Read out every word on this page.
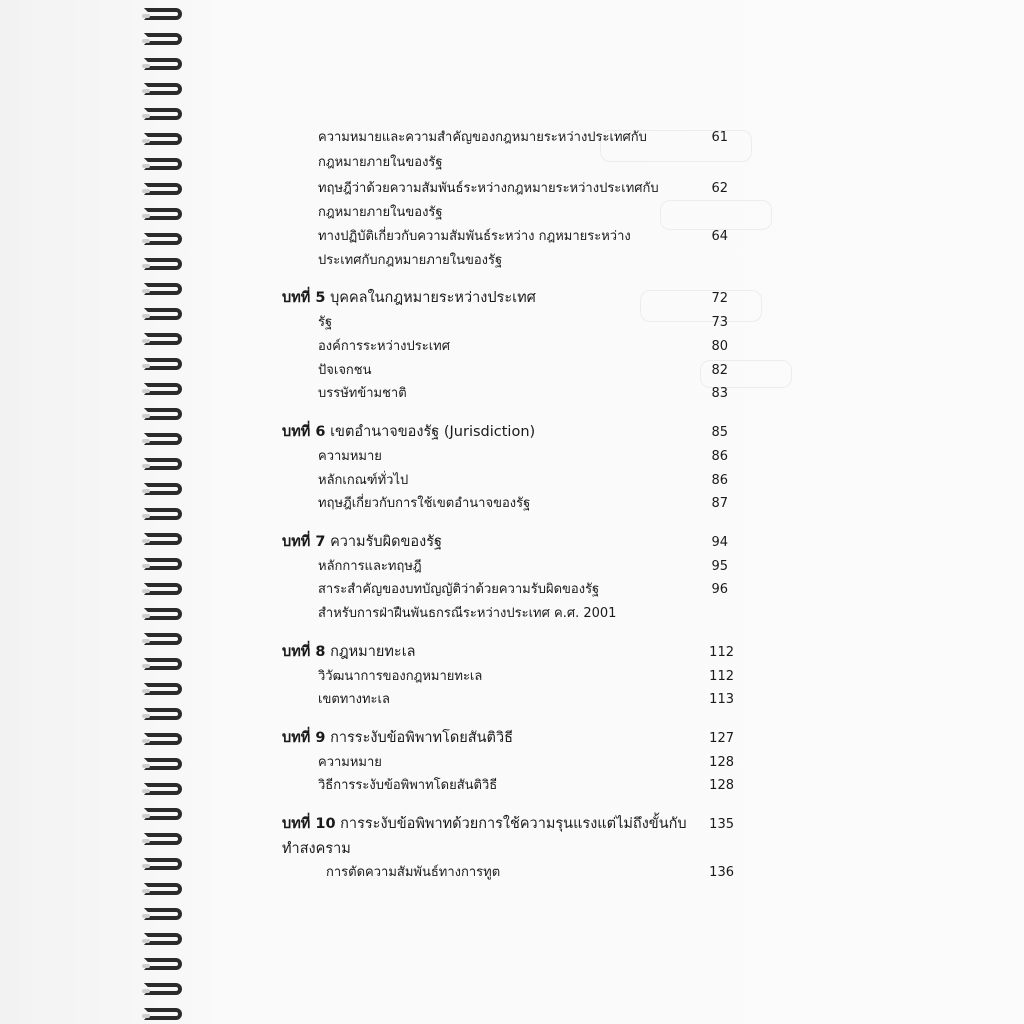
ความหมายและความสำคัญของกฎหมายระหว่างประเทศกับ	61
กฎหมายภายในของรัฐ
ทฤษฎีว่าด้วยความสัมพันธ์ระหว่างกฎหมายระหว่างประเทศกับ	62
กฎหมายภายในของรัฐ
ทางปฏิบัติเกี่ยวกับความสัมพันธ์ระหว่าง กฎหมายระหว่าง	64
ประเทศกับกฎหมายภายในของรัฐ
บทที่ 5 บุคคลในกฎหมายระหว่างประเทศ	72
รัฐ	73
องค์การระหว่างประเทศ	80
ปัจเจกชน	82
บรรษัทข้ามชาติ	83
บทที่ 6 เขตอำนาจของรัฐ (Jurisdiction)	85
ความหมาย	86
หลักเกณฑ์ทั่วไป	86
ทฤษฎีเกี่ยวกับการใช้เขตอำนาจของรัฐ	87
บทที่ 7 ความรับผิดของรัฐ	94
หลักการและทฤษฎี	95
สาระสำคัญของบทบัญญัติว่าด้วยความรับผิดของรัฐ	96
สำหรับการฝ่าฝืนพันธกรณีระหว่างประเทศ ค.ศ. 2001
บทที่ 8 กฎหมายทะเล	112
วิวัฒนาการของกฎหมายทะเล	112
เขตทางทะเล	113
บทที่ 9 การระงับข้อพิพาทโดยสันติวิธี	127
ความหมาย	128
วิธีการระงับข้อพิพาทโดยสันติวิธี	128
บทที่ 10 การระงับข้อพิพาทด้วยการใช้ความรุนแรงแต่ไม่ถึงขั้นกับ	135
ทำสงคราม
การตัดความสัมพันธ์ทางการทูต	136
